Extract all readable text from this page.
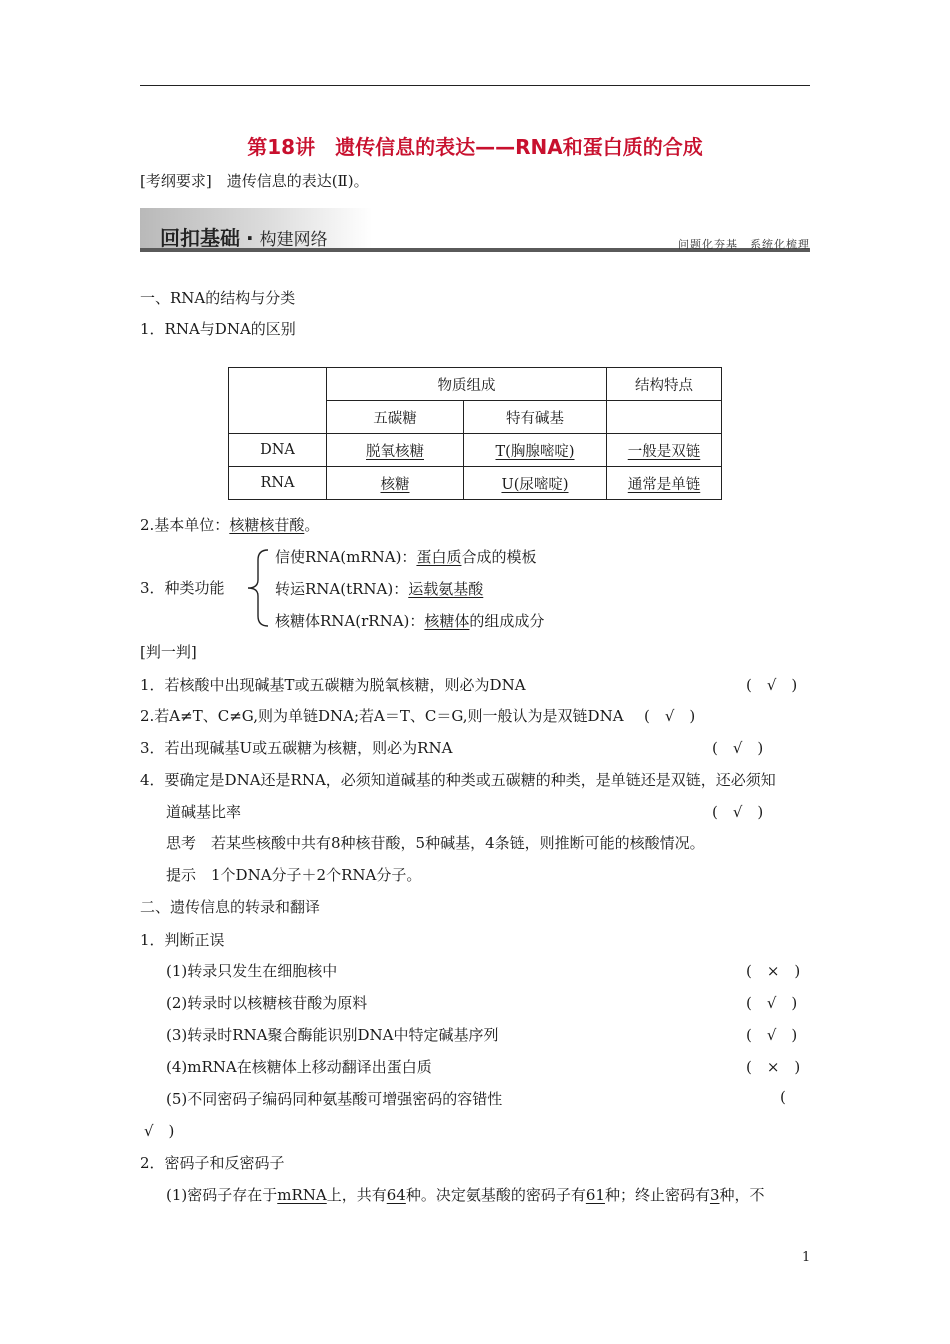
第18讲　遗传信息的表达——RNA和蛋白质的合成
[考纲要求]　遗传信息的表达(Ⅱ)。
回扣基础 · 构建网络	问题化夯基　系统化梳理
一、RNA的结构与分类
1．RNA与DNA的区别
	物质组成		结构特点
	五碳糖	特有碱基	
DNA	脱氧核糖	T(胸腺嘧啶)	一般是双链
RNA	核糖	U(尿嘧啶)	通常是单链
2.基本单位：核糖核苷酸。
3．种类功能
信使RNA(mRNA)：蛋白质合成的模板
转运RNA(tRNA)：运载氨基酸
核糖体RNA(rRNA)：核糖体的组成成分
[判一判]
1．若核酸中出现碱基T或五碳糖为脱氧核糖，则必为DNA	(　√　)
2.若A≠T、C≠G,则为单链DNA;若A＝T、C＝G,则一般认为是双链DNA (　√　)
3．若出现碱基U或五碳糖为核糖，则必为RNA	(　√　)
4．要确定是DNA还是RNA，必须知道碱基的种类或五碳糖的种类，是单链还是双链，还必须知
道碱基比率	(　√　)
思考　若某些核酸中共有8种核苷酸，5种碱基，4条链，则推断可能的核酸情况。
提示　1个DNA分子＋2个RNA分子。
二、遗传信息的转录和翻译
1．判断正误
(1)转录只发生在细胞核中	(　×　)
(2)转录时以核糖核苷酸为原料	(　√　)
(3)转录时RNA聚合酶能识别DNA中特定碱基序列	(　√　)
(4)mRNA在核糖体上移动翻译出蛋白质	(　×　)
(5)不同密码子编码同种氨基酸可增强密码的容错性	(
√　)
2．密码子和反密码子
(1)密码子存在于mRNA上，共有64种。决定氨基酸的密码子有61种；终止密码有3种，不
1
